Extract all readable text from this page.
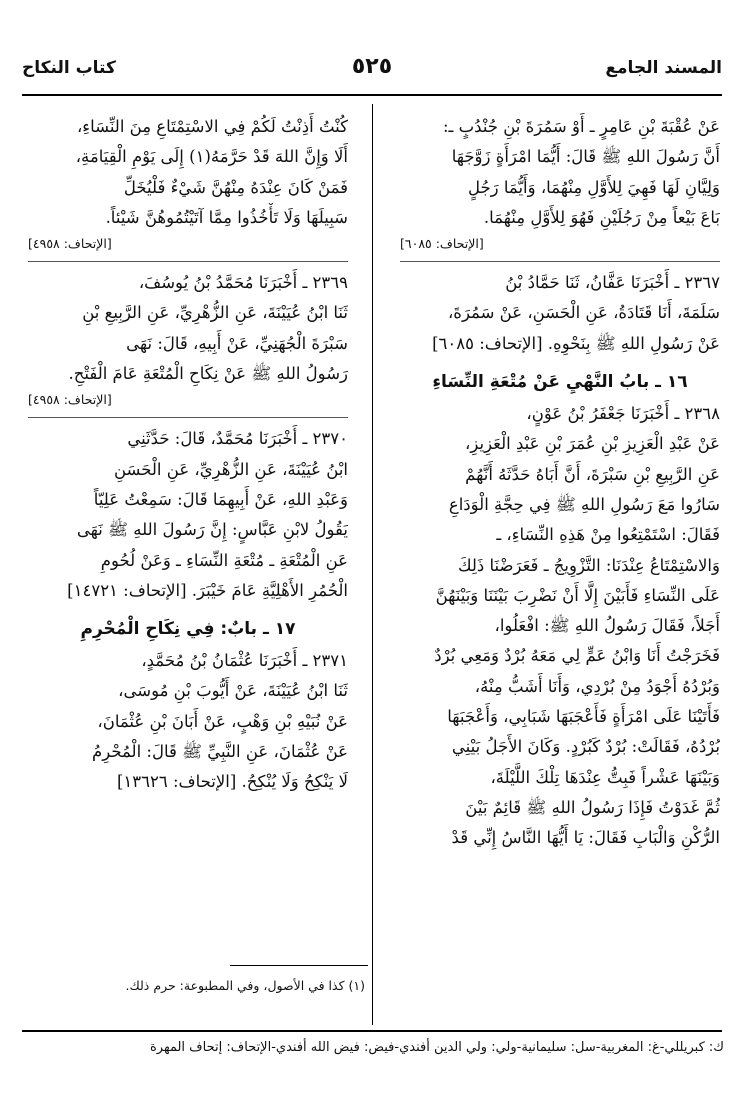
المسند الجامع
٥٢٥
كتاب النكاح
عَنْ عُقْبَةَ بْنِ عَامِرٍ ـ أَوْ سَمُرَةَ بْنِ جُنْدُبٍ ـ:
أَنَّ رَسُولَ اللهِ ﷺ قَالَ: أَيُّمَا امْرَأَةٍ زَوَّجَهَا
وَلِيَّانِ لَهَا فَهِيَ لِلأَوَّلِ مِنْهُمَا، وَأَيُّمَا رَجُلٍ
بَاعَ بَيْعاً مِنْ رَجُلَيْنِ فَهُوَ لِلأَوَّلِ مِنْهُمَا.
[الإتحاف: ٦٠٨٥]
٢٣٦٧ ـ أَخْبَرَنَا عَفَّانُ، ثَنَا حَمَّادُ بْنُ
سَلَمَةَ، أَنَا قَتَادَةُ، عَنِ الْحَسَنِ، عَنْ سَمُرَةَ،
عَنْ رَسُولِ اللهِ ﷺ بِنَحْوِهِ. [الإتحاف: ٦٠٨٥]
١٦ ـ بابُ النَّهْيِ عَنْ مُتْعَةِ النِّسَاءِ
٢٣٦٨ ـ أَخْبَرَنَا جَعْفَرُ بْنُ عَوْنٍ،
عَنْ عَبْدِ الْعَزِيزِ بْنِ عُمَرَ بْنِ عَبْدِ الْعَزِيزِ،
عَنِ الرَّبِيعِ بْنِ سَبْرَةَ، أَنَّ أَبَاهُ حَدَّثَهُ أَنَّهُمْ
سَارُوا مَعَ رَسُولِ اللهِ ﷺ فِي حِجَّةِ الْوَدَاعِ
فَقَالَ: اسْتَمْتِعُوا مِنْ هَذِهِ النِّسَاءِ، ـ
وَالاسْتِمْتَاعُ عِنْدَنَا: التَّزْوِيجُ ـ فَعَرَضْنَا ذَلِكَ
عَلَى النِّسَاءِ فَأَبَيْنَ إِلَّا أَنْ نَضْرِبَ بَيْنَنَا وَبَيْنَهُنَّ
أَجَلاً، فَقَالَ رَسُولُ اللهِ ﷺ: افْعَلُوا،
فَخَرَجْتُ أَنَا وَابْنُ عَمٍّ لِي مَعَهُ بُرْدٌ وَمَعِي بُرْدٌ
وَبُرْدُهُ أَجْوَدُ مِنْ بُرْدِي، وَأَنَا أَشَبُّ مِنْهُ،
فَأَتَيْنَا عَلَى امْرَأَةٍ فَأَعْجَبَهَا شَبَابِي، وَأَعْجَبَهَا
بُرْدُهُ، فَقَالَتْ: بُرْدٌ كَبُرْدٍ. وَكَانَ الأَجَلُ بَيْنِي
وَبَيْنَهَا عَشْراً فَبِتُّ عِنْدَهَا تِلْكَ اللَّيْلَةَ،
ثُمَّ غَدَوْتُ فَإِذَا رَسُولُ اللهِ ﷺ قَائِمٌ بَيْنَ
الرُّكْنِ وَالْبَابِ فَقَالَ: يَا أَيُّهَا النَّاسُ إِنِّي قَدْ
كُنْتُ أَذِنْتُ لَكُمْ فِي الاسْتِمْتَاعِ مِنَ النِّسَاءِ،
أَلَا وَإِنَّ اللهَ قَدْ حَرَّمَهُ(١) إِلَى يَوْمِ الْقِيَامَةِ،
فَمَنْ كَانَ عِنْدَهُ مِنْهُنَّ شَيْءٌ فَلْيُخَلِّ
سَبِيلَهَا وَلَا تَأْخُذُوا مِمَّا آتَيْتُمُوهُنَّ شَيْئاً.
[الإتحاف: ٤٩٥٨]
٢٣٦٩ ـ أَخْبَرَنَا مُحَمَّدُ بْنُ يُوسُفَ،
ثَنَا ابْنُ عُيَيْنَةَ، عَنِ الزُّهْرِيِّ، عَنِ الرَّبِيعِ بْنِ
سَبْرَةَ الْجُهَنِيِّ، عَنْ أَبِيهِ، قَالَ: نَهَى
رَسُولُ اللهِ ﷺ عَنْ نِكَاحِ الْمُتْعَةِ عَامَ الْفَتْحِ.
[الإتحاف: ٤٩٥٨]
٢٣٧٠ ـ أَخْبَرَنَا مُحَمَّدٌ، قَالَ: حَدَّثَنِي
ابْنُ عُيَيْنَةَ، عَنِ الزُّهْرِيِّ، عَنِ الْحَسَنِ
وَعَبْدِ اللهِ، عَنْ أَبِيهِمَا قَالَ: سَمِعْتُ عَلِيّاً
يَقُولُ لابْنِ عَبَّاسٍ: إِنَّ رَسُولَ اللهِ ﷺ نَهَى
عَنِ الْمُتْعَةِ ـ مُتْعَةِ النِّسَاءِ ـ وَعَنْ لُحُومِ
الْحُمُرِ الأَهْلِيَّةِ عَامَ خَيْبَرَ. [الإتحاف: ١٤٧٢١]
١٧ ـ بابٌ: فِي نِكَاحِ الْمُحْرِمِ
٢٣٧١ ـ أَخْبَرَنَا عُثْمَانُ بْنُ مُحَمَّدٍ،
ثَنَا ابْنُ عُيَيْنَةَ، عَنْ أَيُّوبَ بْنِ مُوسَى،
عَنْ نُبَيْهِ بْنِ وَهْبٍ، عَنْ أَبَانَ بْنِ عُثْمَانَ،
عَنْ عُثْمَانَ، عَنِ النَّبِيِّ ﷺ قَالَ: الْمُحْرِمُ
لَا يَنْكِحُ وَلَا يُنْكِحُ. [الإتحاف: ١٣٦٢٦]
(١) كذا في الأصول، وفي المطبوعة: حرم ذلك.
ك: كبريللي-غ: المغربية-سل: سليمانية-ولي: ولي الدين أفندي-فيض: فيض الله أفندي-الإتحاف: إتحاف المهرة
